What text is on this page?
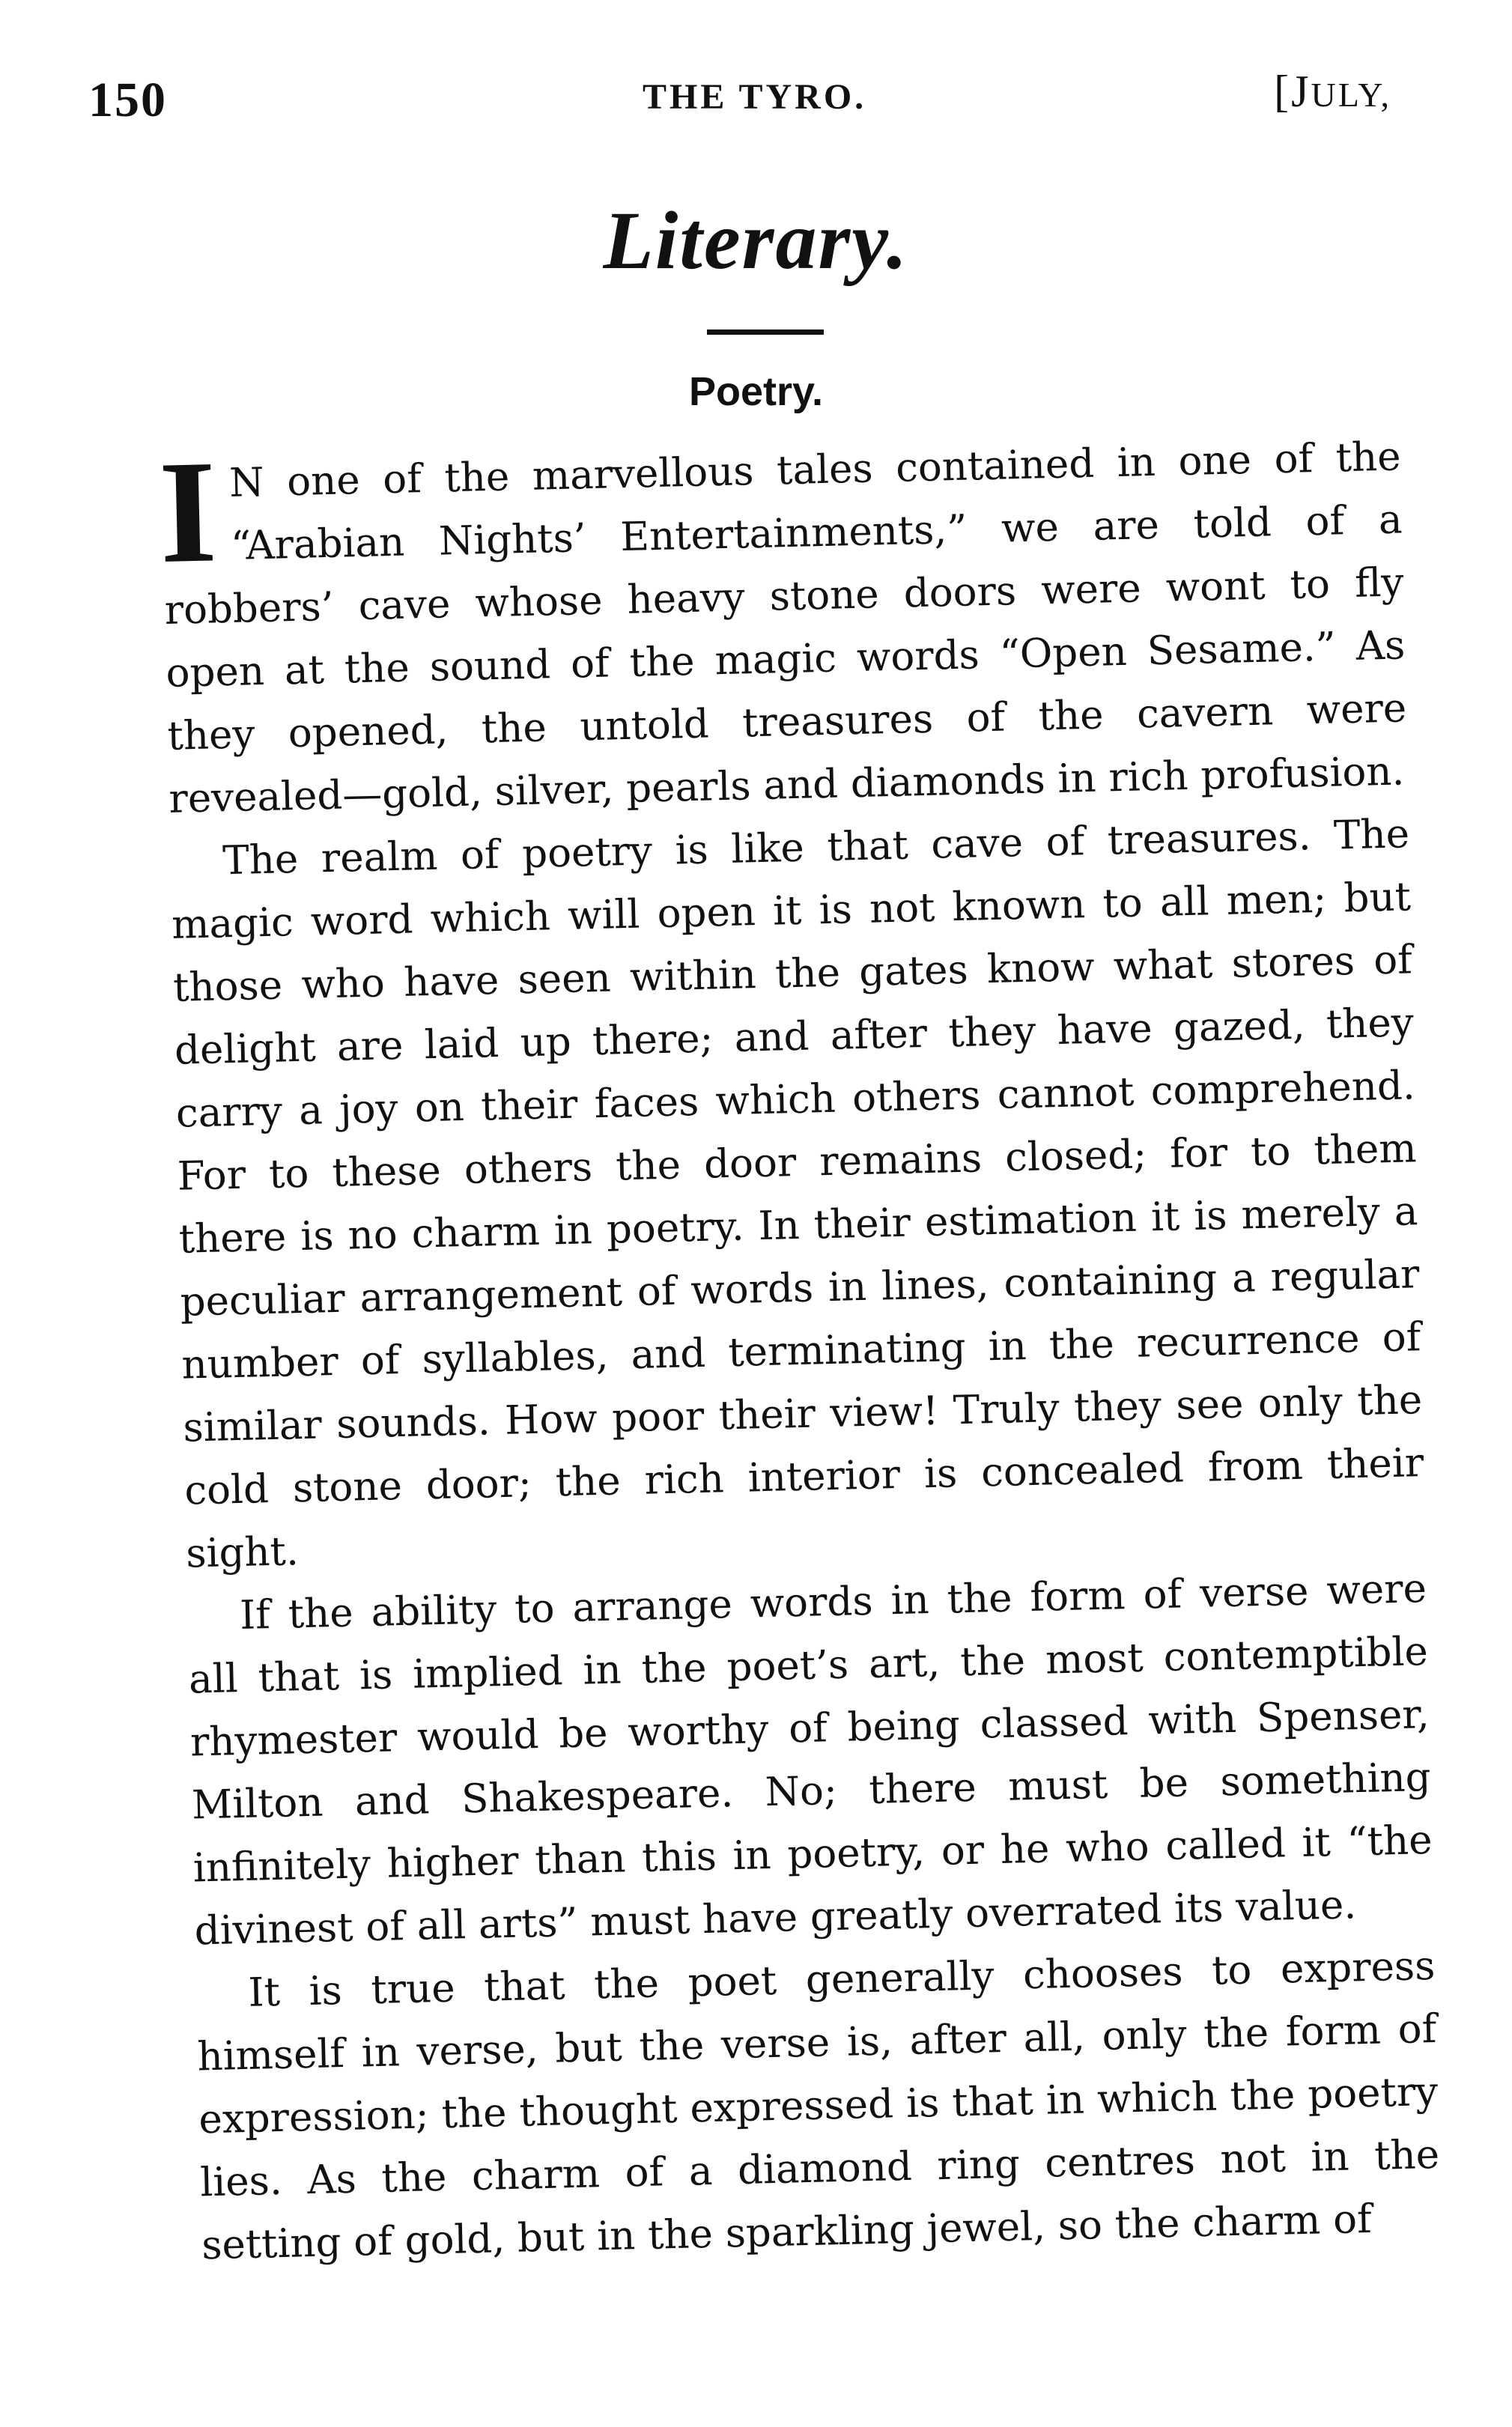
150	THE TYRO.	[JULY,
Literary.
Poetry.

I N one of the marvellous tales contained in one of the “Arabian Nights’ Entertainments,” we are told of a robbers’ cave whose heavy stone doors were wont to fly open at the sound of the magic words “Open Sesame.” As they opened, the untold treasures of the cavern were revealed—gold, silver, pearls and diamonds in rich profusion.

The realm of poetry is like that cave of treasures. The magic word which will open it is not known to all men; but those who have seen within the gates know what stores of delight are laid up there; and after they have gazed, they carry a joy on their faces which others cannot comprehend. For to these others the door remains closed; for to them there is no charm in poetry. In their estimation it is merely a peculiar arrangement of words in lines, containing a regular number of syllables, and terminating in the recurrence of similar sounds. How poor their view! Truly they see only the cold stone door; the rich interior is concealed from their sight.

If the ability to arrange words in the form of verse were all that is implied in the poet’s art, the most contemptible rhymester would be worthy of being classed with Spenser, Milton and Shakespeare. No; there must be something infinitely higher than this in poetry, or he who called it “the divinest of all arts” must have greatly overrated its value.

It is true that the poet generally chooses to express himself in verse, but the verse is, after all, only the form of expression; the thought expressed is that in which the poetry lies. As the charm of a diamond ring centres not in the setting of gold, but in the sparkling jewel, so the charm of
